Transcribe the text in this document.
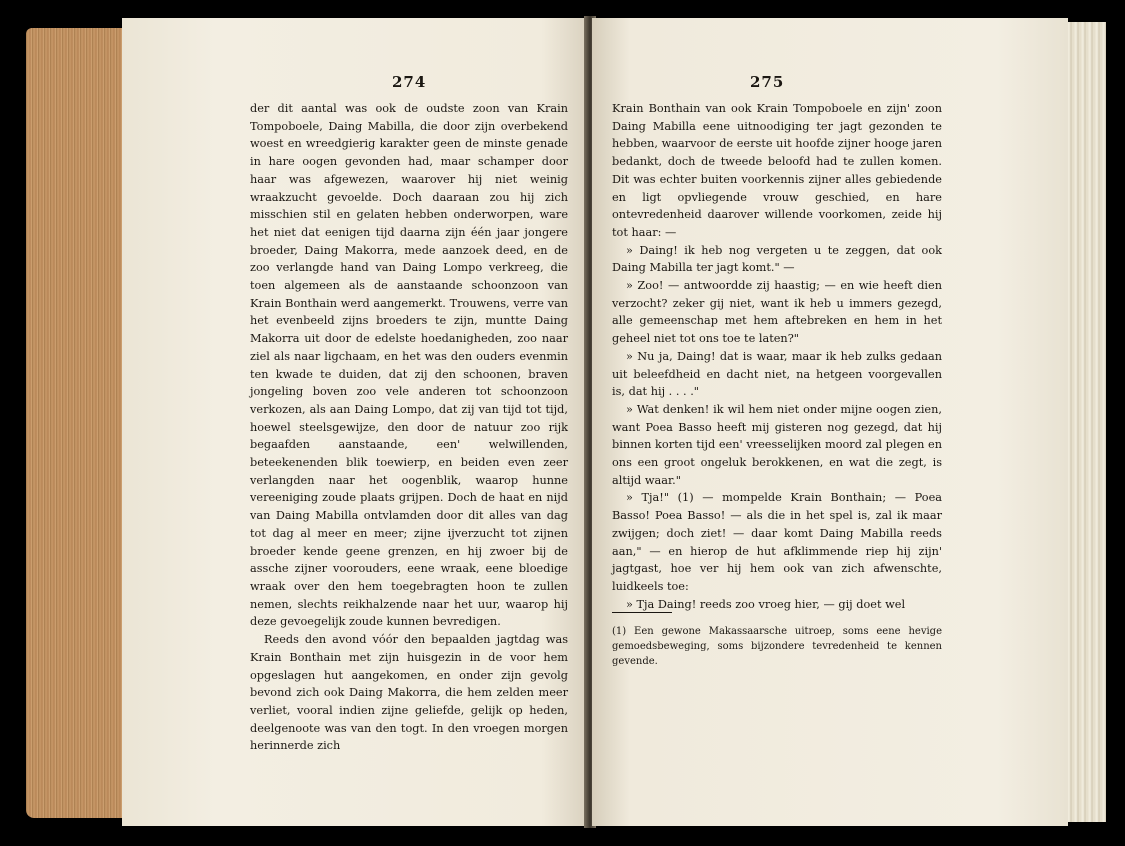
274

der dit aantal was ook de oudste zoon van Krain Tompoboele, Daing Mabilla, die door zijn overbekend woest en wreedgierig karakter geen de minste genade in hare oogen gevonden had, maar schamper door haar was afgewezen, waarover hij niet weinig wraakzucht gevoelde. Doch daaraan zou hij zich misschien stil en gelaten hebben onderworpen, ware het niet dat eenigen tijd daarna zijn één jaar jongere broeder, Daing Makorra, mede aanzoek deed, en de zoo verlangde hand van Daing Lompo verkreeg, die toen algemeen als de aanstaande schoonzoon van Krain Bonthain werd aangemerkt. Trouwens, verre van het evenbeeld zijns broeders te zijn, muntte Daing Makorra uit door de edelste hoedanigheden, zoo naar ziel als naar ligchaam, en het was den ouders evenmin ten kwade te duiden, dat zij den schoonen, braven jongeling boven zoo vele anderen tot schoonzoon verkozen, als aan Daing Lompo, dat zij van tijd tot tijd, hoewel steelsgewijze, den door de natuur zoo rijk begaafden aanstaande, een' welwillenden, beteekenenden blik toewierp, en beiden even zeer verlangden naar het oogenblik, waarop hunne vereeniging zoude plaats grijpen. Doch de haat en nijd van Daing Mabilla ontvlamden door dit alles van dag tot dag al meer en meer; zijne ijverzucht tot zijnen broeder kende geene grenzen, en hij zwoer bij de assche zijner voorouders, eene wraak, eene bloedige wraak over den hem toegebragten hoon te zullen nemen, slechts reikhalzende naar het uur, waarop hij deze gevoegelijk zoude kunnen bevredigen.

Reeds den avond vóór den bepaalden jagtdag was Krain Bonthain met zijn huisgezin in de voor hem opgeslagen hut aangekomen, en onder zijn gevolg bevond zich ook Daing Makorra, die hem zelden meer verliet, vooral indien zijne geliefde, gelijk op heden, deelgenoote was van den togt. In den vroegen morgen herinnerde zich

275

Krain Bonthain van ook Krain Tompoboele en zijn' zoon Daing Mabilla eene uitnoodiging ter jagt gezonden te hebben, waarvoor de eerste uit hoofde zijner hooge jaren bedankt, doch de tweede beloofd had te zullen komen. Dit was echter buiten voorkennis zijner alles gebiedende en ligt opvliegende vrouw geschied, en hare ontevredenheid daarover willende voorkomen, zeide hij tot haar: —

» Daing! ik heb nog vergeten u te zeggen, dat ook Daing Mabilla ter jagt komt." —

» Zoo! — antwoordde zij haastig; — en wie heeft dien verzocht? zeker gij niet, want ik heb u immers gezegd, alle gemeenschap met hem aftebreken en hem in het geheel niet tot ons toe te laten?"

» Nu ja, Daing! dat is waar, maar ik heb zulks gedaan uit beleefdheid en dacht niet, na hetgeen voorgevallen is, dat hij . . . ."

» Wat denken! ik wil hem niet onder mijne oogen zien, want Poea Basso heeft mij gisteren nog gezegd, dat hij binnen korten tijd een' vreesselijken moord zal plegen en ons een groot ongeluk berokkenen, en wat die zegt, is altijd waar."

» Tja!" (1) — mompelde Krain Bonthain; — Poea Basso! Poea Basso! — als die in het spel is, zal ik maar zwijgen; doch ziet! — daar komt Daing Mabilla reeds aan," — en hierop de hut afklimmende riep hij zijn' jagtgast, hoe ver hij hem ook van zich afwenschte, luidkeels toe:

» Tja Daing! reeds zoo vroeg hier, — gij doet wel

(1) Een gewone Makassaarsche uitroep, soms eene hevige gemoedsbeweging, soms bijzondere tevredenheid te kennen gevende.
